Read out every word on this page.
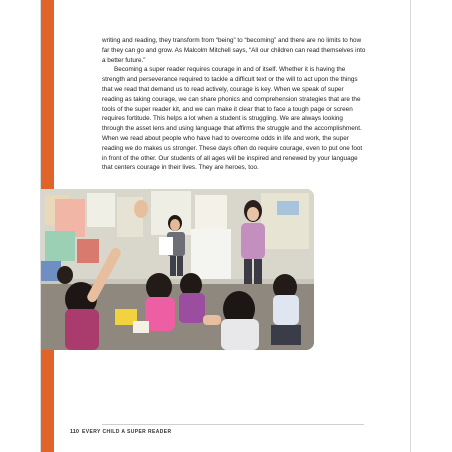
writing and reading, they transform from “being” to “becoming” and there are no limits to how far they can go and grow. As Malcolm Mitchell says, “All our children can read themselves into a better future.”

Becoming a super reader requires courage in and of itself. Whether it is having the strength and perseverance required to tackle a difficult text or the will to act upon the things that we read that demand us to read actively, courage is key. When we speak of super reading as taking courage, we can share phonics and comprehension strategies that are the tools of the super reader kit, and we can make it clear that to face a tough page or screen requires fortitude. This helps a lot when a student is struggling. We are always looking through the asset lens and using language that affirms the struggle and the accomplishment. When we read about people who have had to overcome odds in life and work, the super reading we do makes us stronger. These days often do require courage, even to put one foot in front of the other. Our students of all ages will be inspired and renewed by your language that centers courage in their lives. They are heroes, too.

110 EVERY CHILD A SUPER READER
